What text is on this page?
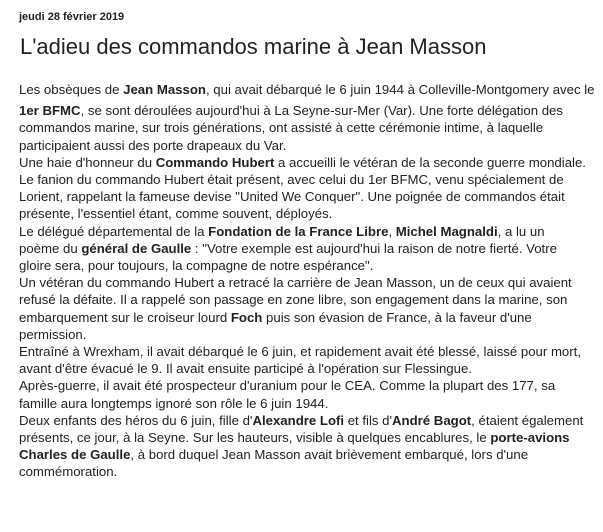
jeudi 28 février 2019
L'adieu des commandos marine à Jean Masson
Les obsèques de Jean Masson, qui avait débarqué le 6 juin 1944 à Colleville-Montgomery avec le
1er BFMC, se sont déroulées aujourd'hui à La Seyne-sur-Mer (Var). Une forte délégation des
commandos marine, sur trois générations, ont assisté à cette cérémonie intime, à laquelle
participaient aussi des porte drapeaux du Var.
Une haie d'honneur du Commando Hubert a accueilli le vétéran de la seconde guerre mondiale.
Le fanion du commando Hubert était présent, avec celui du 1er BFMC, venu spécialement de
Lorient, rappelant la fameuse devise "United We Conquer". Une poignée de commandos était
présente, l'essentiel étant, comme souvent, déployés.
Le délégué départemental de la Fondation de la France Libre, Michel Magnaldi, a lu un
poème du général de Gaulle : "Votre exemple est aujourd'hui la raison de notre fierté. Votre
gloire sera, pour toujours, la compagne de notre espérance".
Un vétéran du commando Hubert a retracé la carrière de Jean Masson, un de ceux qui avaient
refusé la défaite. Il a rappelé son passage en zone libre, son engagement dans la marine, son
embarquement sur le croiseur lourd Foch puis son évasion de France, à la faveur d'une
permission.
Entraîné à Wrexham, il avait débarqué le 6 juin, et rapidement avait été blessé, laissé pour mort,
avant d'être évacué le 9. Il avait ensuite participé à l'opération sur Flessingue.
Après-guerre, il avait été prospecteur d'uranium pour le CEA. Comme la plupart des 177, sa
famille aura longtemps ignoré son rôle le 6 juin 1944.
Deux enfants des héros du 6 juin, fille d'Alexandre Lofi et fils d'André Bagot, étaient également
présents, ce jour, à la Seyne. Sur les hauteurs, visible à quelques encablures, le porte-avions
Charles de Gaulle, à bord duquel Jean Masson avait brièvement embarqué, lors d'une
commémoration.
